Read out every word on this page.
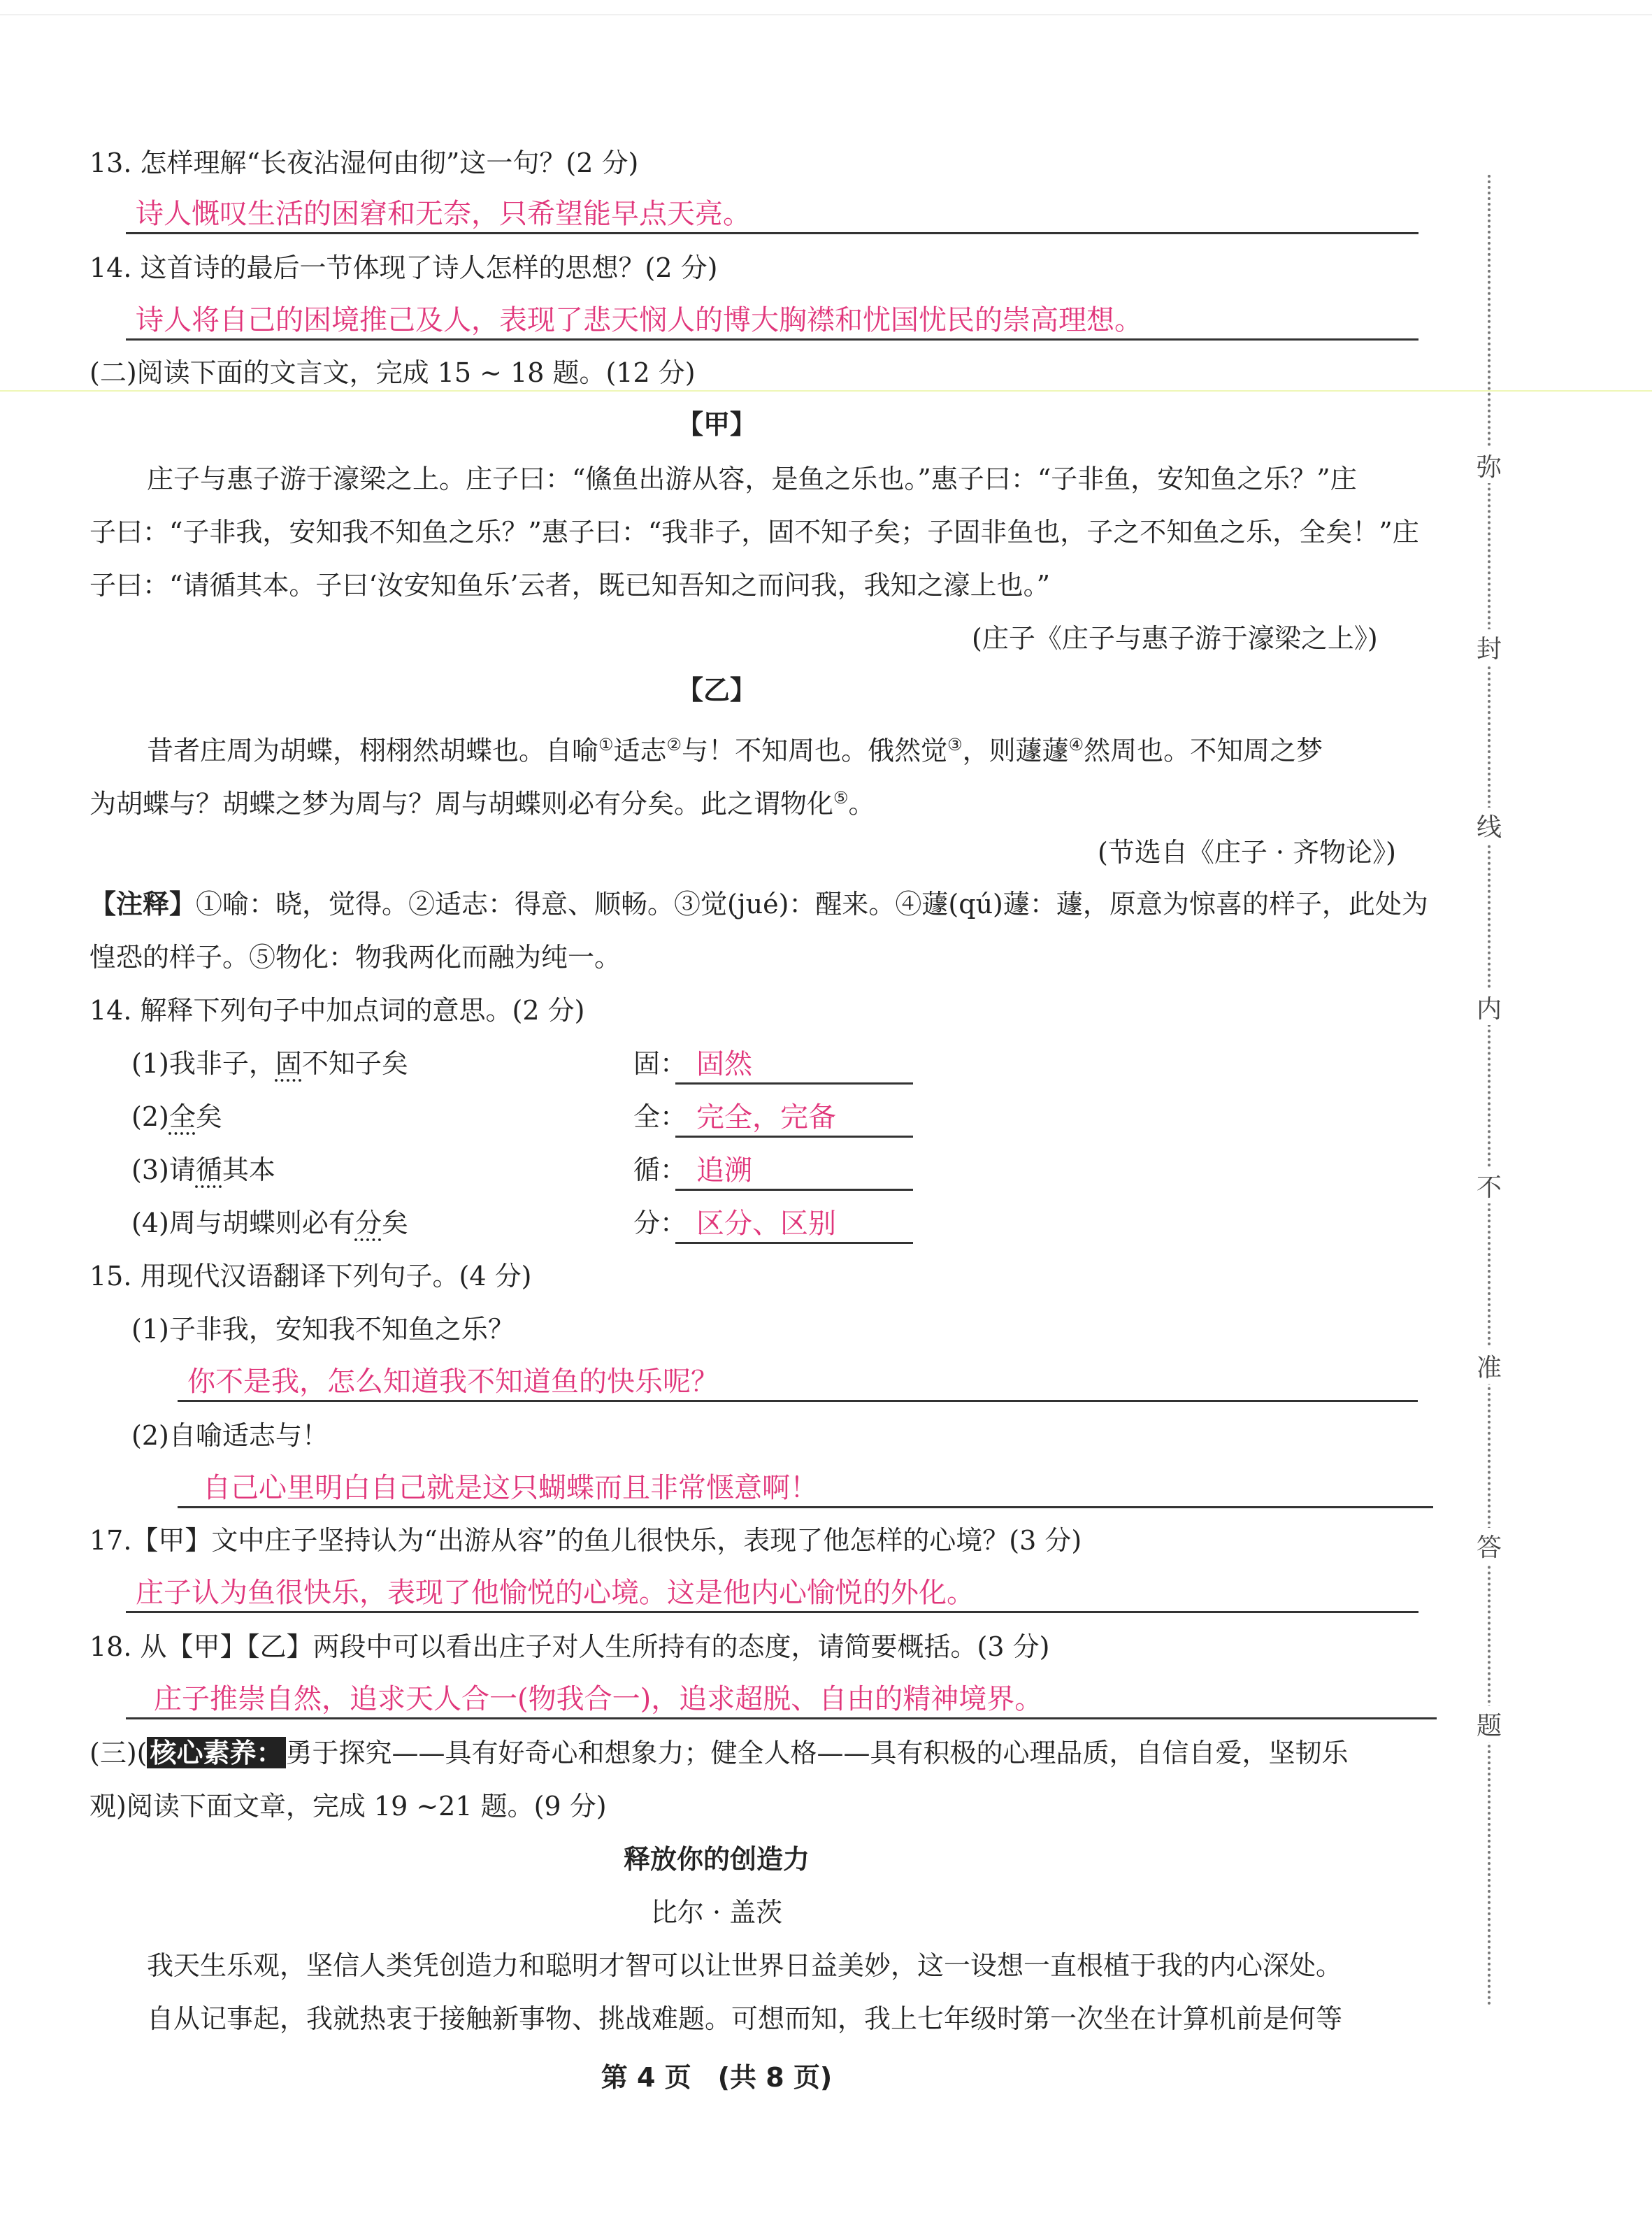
13. 怎样理解“长夜沾湿何由彻”这一句？(2 分)
诗人慨叹生活的困窘和无奈，只希望能早点天亮。
14. 这首诗的最后一节体现了诗人怎样的思想？(2 分)
诗人将自己的困境推己及人，表现了悲天悯人的博大胸襟和忧国忧民的崇高理想。
(二)阅读下面的文言文，完成 15 ~ 18 题。(12 分)
【甲】
庄子与惠子游于濠梁之上。庄子曰：“鯈鱼出游从容，是鱼之乐也。”惠子曰：“子非鱼，安知鱼之乐？”庄
子曰：“子非我，安知我不知鱼之乐？”惠子曰：“我非子，固不知子矣；子固非鱼也，子之不知鱼之乐，全矣！”庄
子曰：“请循其本。子曰‘汝安知鱼乐’云者，既已知吾知之而问我，我知之濠上也。”
(庄子《庄子与惠子游于濠梁之上》)
【乙】
昔者庄周为胡蝶，栩栩然胡蝶也。自喻①适志②与！不知周也。俄然觉③，则蘧蘧④然周也。不知周之梦
为胡蝶与？胡蝶之梦为周与？周与胡蝶则必有分矣。此之谓物化⑤。
(节选自《庄子 · 齐物论》)
【注释】①喻：晓，觉得。②适志：得意、顺畅。③觉(jué)：醒来。④蘧(qú)蘧：蘧，原意为惊喜的样子，此处为
惶恐的样子。⑤物化：物我两化而融为纯一。
14. 解释下列句子中加点词的意思。(2 分)
(1)我非子，固不知子矣	固： 固然
(2)全矣	全： 完全，完备
(3)请循其本	循： 追溯
(4)周与胡蝶则必有分矣	分： 区分、区别
15. 用现代汉语翻译下列句子。(4 分)
(1)子非我，安知我不知鱼之乐？
你不是我，怎么知道我不知道鱼的快乐呢？
(2)自喻适志与！
自己心里明白自己就是这只蝴蝶而且非常惬意啊！
17.【甲】文中庄子坚持认为“出游从容”的鱼儿很快乐，表现了他怎样的心境？(3 分)
庄子认为鱼很快乐，表现了他愉悦的心境。这是他内心愉悦的外化。
18. 从【甲】【乙】两段中可以看出庄子对人生所持有的态度，请简要概括。(3 分)
庄子推崇自然，追求天人合一(物我合一)，追求超脱、自由的精神境界。
(三)( 核心素养： 勇于探究——具有好奇心和想象力；健全人格——具有积极的心理品质，自信自爱，坚韧乐
观)阅读下面文章，完成 19 ~21 题。(9 分)
释放你的创造力
比尔 · 盖茨
我天生乐观，坚信人类凭创造力和聪明才智可以让世界日益美妙，这一设想一直根植于我的内心深处。
自从记事起，我就热衷于接触新事物、挑战难题。可想而知，我上七年级时第一次坐在计算机前是何等
第 4 页　(共 8 页)
弥
封
线
内
不
准
答
题
